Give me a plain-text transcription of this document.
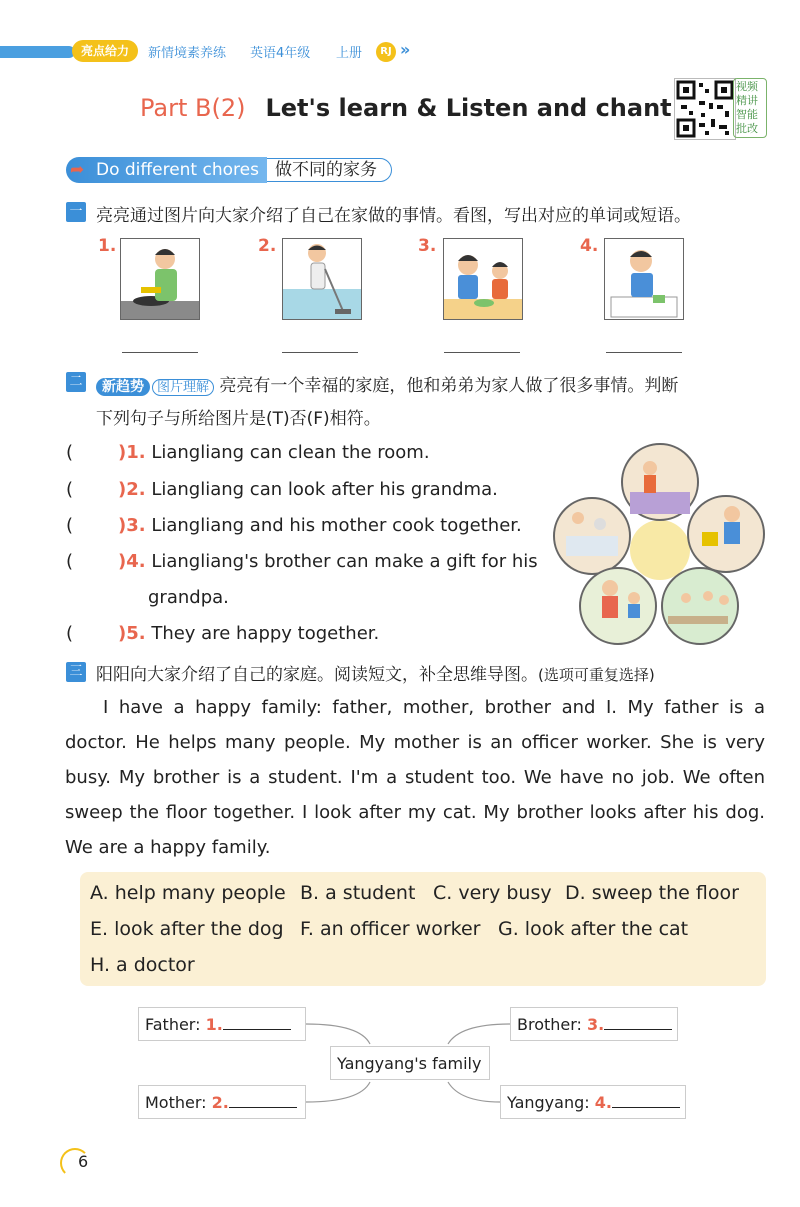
亮点给力	新情境素养练 英语4年级 上册	RJ »
Part B(2) Let's learn & Listen and chant
视频精讲 智能批改
➦ Do different chores 做不同的家务
一 亮亮通过图片向大家介绍了自己在家做的事情。看图，写出对应的单词或短语。
1.	2.	3.	4.
二	新趋势 图片理解 亮亮有一个幸福的家庭，他和弟弟为家人做了很多事情。判断
下列句子与所给图片是(T)否(F)相符。
( )1. Liangliang can clean the room.
( )2. Liangliang can look after his grandma.
( )3. Liangliang and his mother cook together.
( )4. Liangliang's brother can make a gift for his
grandpa.
( )5. They are happy together.
三 阳阳向大家介绍了自己的家庭。阅读短文，补全思维导图。(选项可重复选择)
I have a happy family: father, mother, brother and I. My father is a doctor. He helps many people. My mother is an officer worker. She is very busy. My brother is a student. I'm a student too. We have no job. We often sweep the floor together. I look after my cat. My brother looks after his dog. We are a happy family.
A. help many people B. a student C. very busy D. sweep the floor
E. look after the dog F. an officer worker G. look after the cat
H. a doctor
Yangyang's family
Father: 1.
Mother: 2.
Brother: 3.
Yangyang: 4.
6
